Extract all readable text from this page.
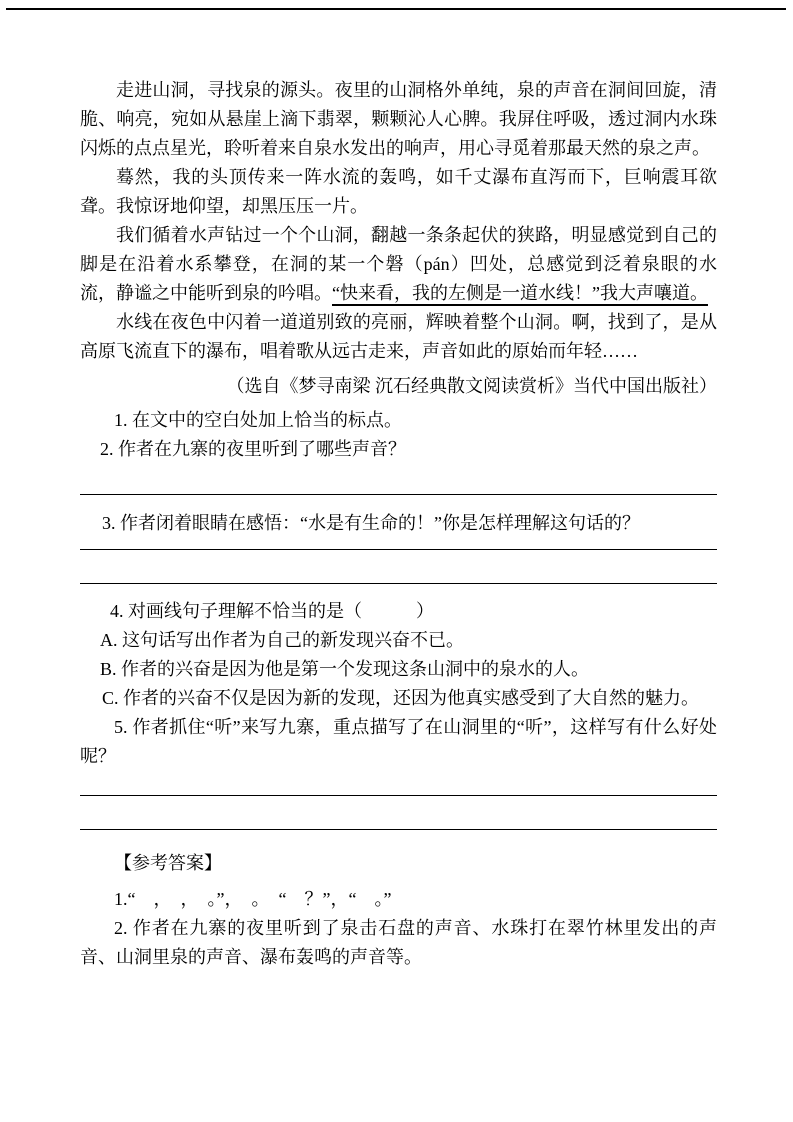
走进山洞，寻找泉的源头。夜里的山洞格外单纯，泉的声音在洞间回旋，清脆、响亮，宛如从悬崖上滴下翡翠，颗颗沁人心脾。我屏住呼吸，透过洞内水珠闪烁的点点星光，聆听着来自泉水发出的响声，用心寻觅着那最天然的泉之声。

蓦然，我的头顶传来一阵水流的轰鸣，如千丈瀑布直泻而下，巨响震耳欲聋。我惊讶地仰望，却黑压压一片。

我们循着水声钻过一个个山洞，翻越一条条起伏的狭路，明显感觉到自己的脚是在沿着水系攀登，在洞的某一个磐（pán）凹处，总感觉到泛着泉眼的水流，静谧之中能听到泉的吟唱。“快来看，我的左侧是一道水线！”我大声嚷道。

水线在夜色中闪着一道道别致的亮丽，辉映着整个山洞。啊，找到了，是从高原飞流直下的瀑布，唱着歌从远古走来，声音如此的原始而年轻……

（选自《梦寻南梁 沉石经典散文阅读赏析》当代中国出版社）

1. 在文中的空白处加上恰当的标点。

2. 作者在九寨的夜里听到了哪些声音？

3. 作者闭着眼睛在感悟：“水是有生命的！”你是怎样理解这句话的？

4. 对画线句子理解不恰当的是（　　　）

A. 这句话写出作者为自己的新发现兴奋不已。

B. 作者的兴奋是因为他是第一个发现这条山洞中的泉水的人。

C. 作者的兴奋不仅是因为新的发现，还因为他真实感受到了大自然的魅力。

5. 作者抓住“听”来写九寨，重点描写了在山洞里的“听”，这样写有什么好处呢？

【参考答案】

1.“　，　，　。”，　。　“　？”，“　。”

2. 作者在九寨的夜里听到了泉击石盘的声音、水珠打在翠竹林里发出的声音、山洞里泉的声音、瀑布轰鸣的声音等。
